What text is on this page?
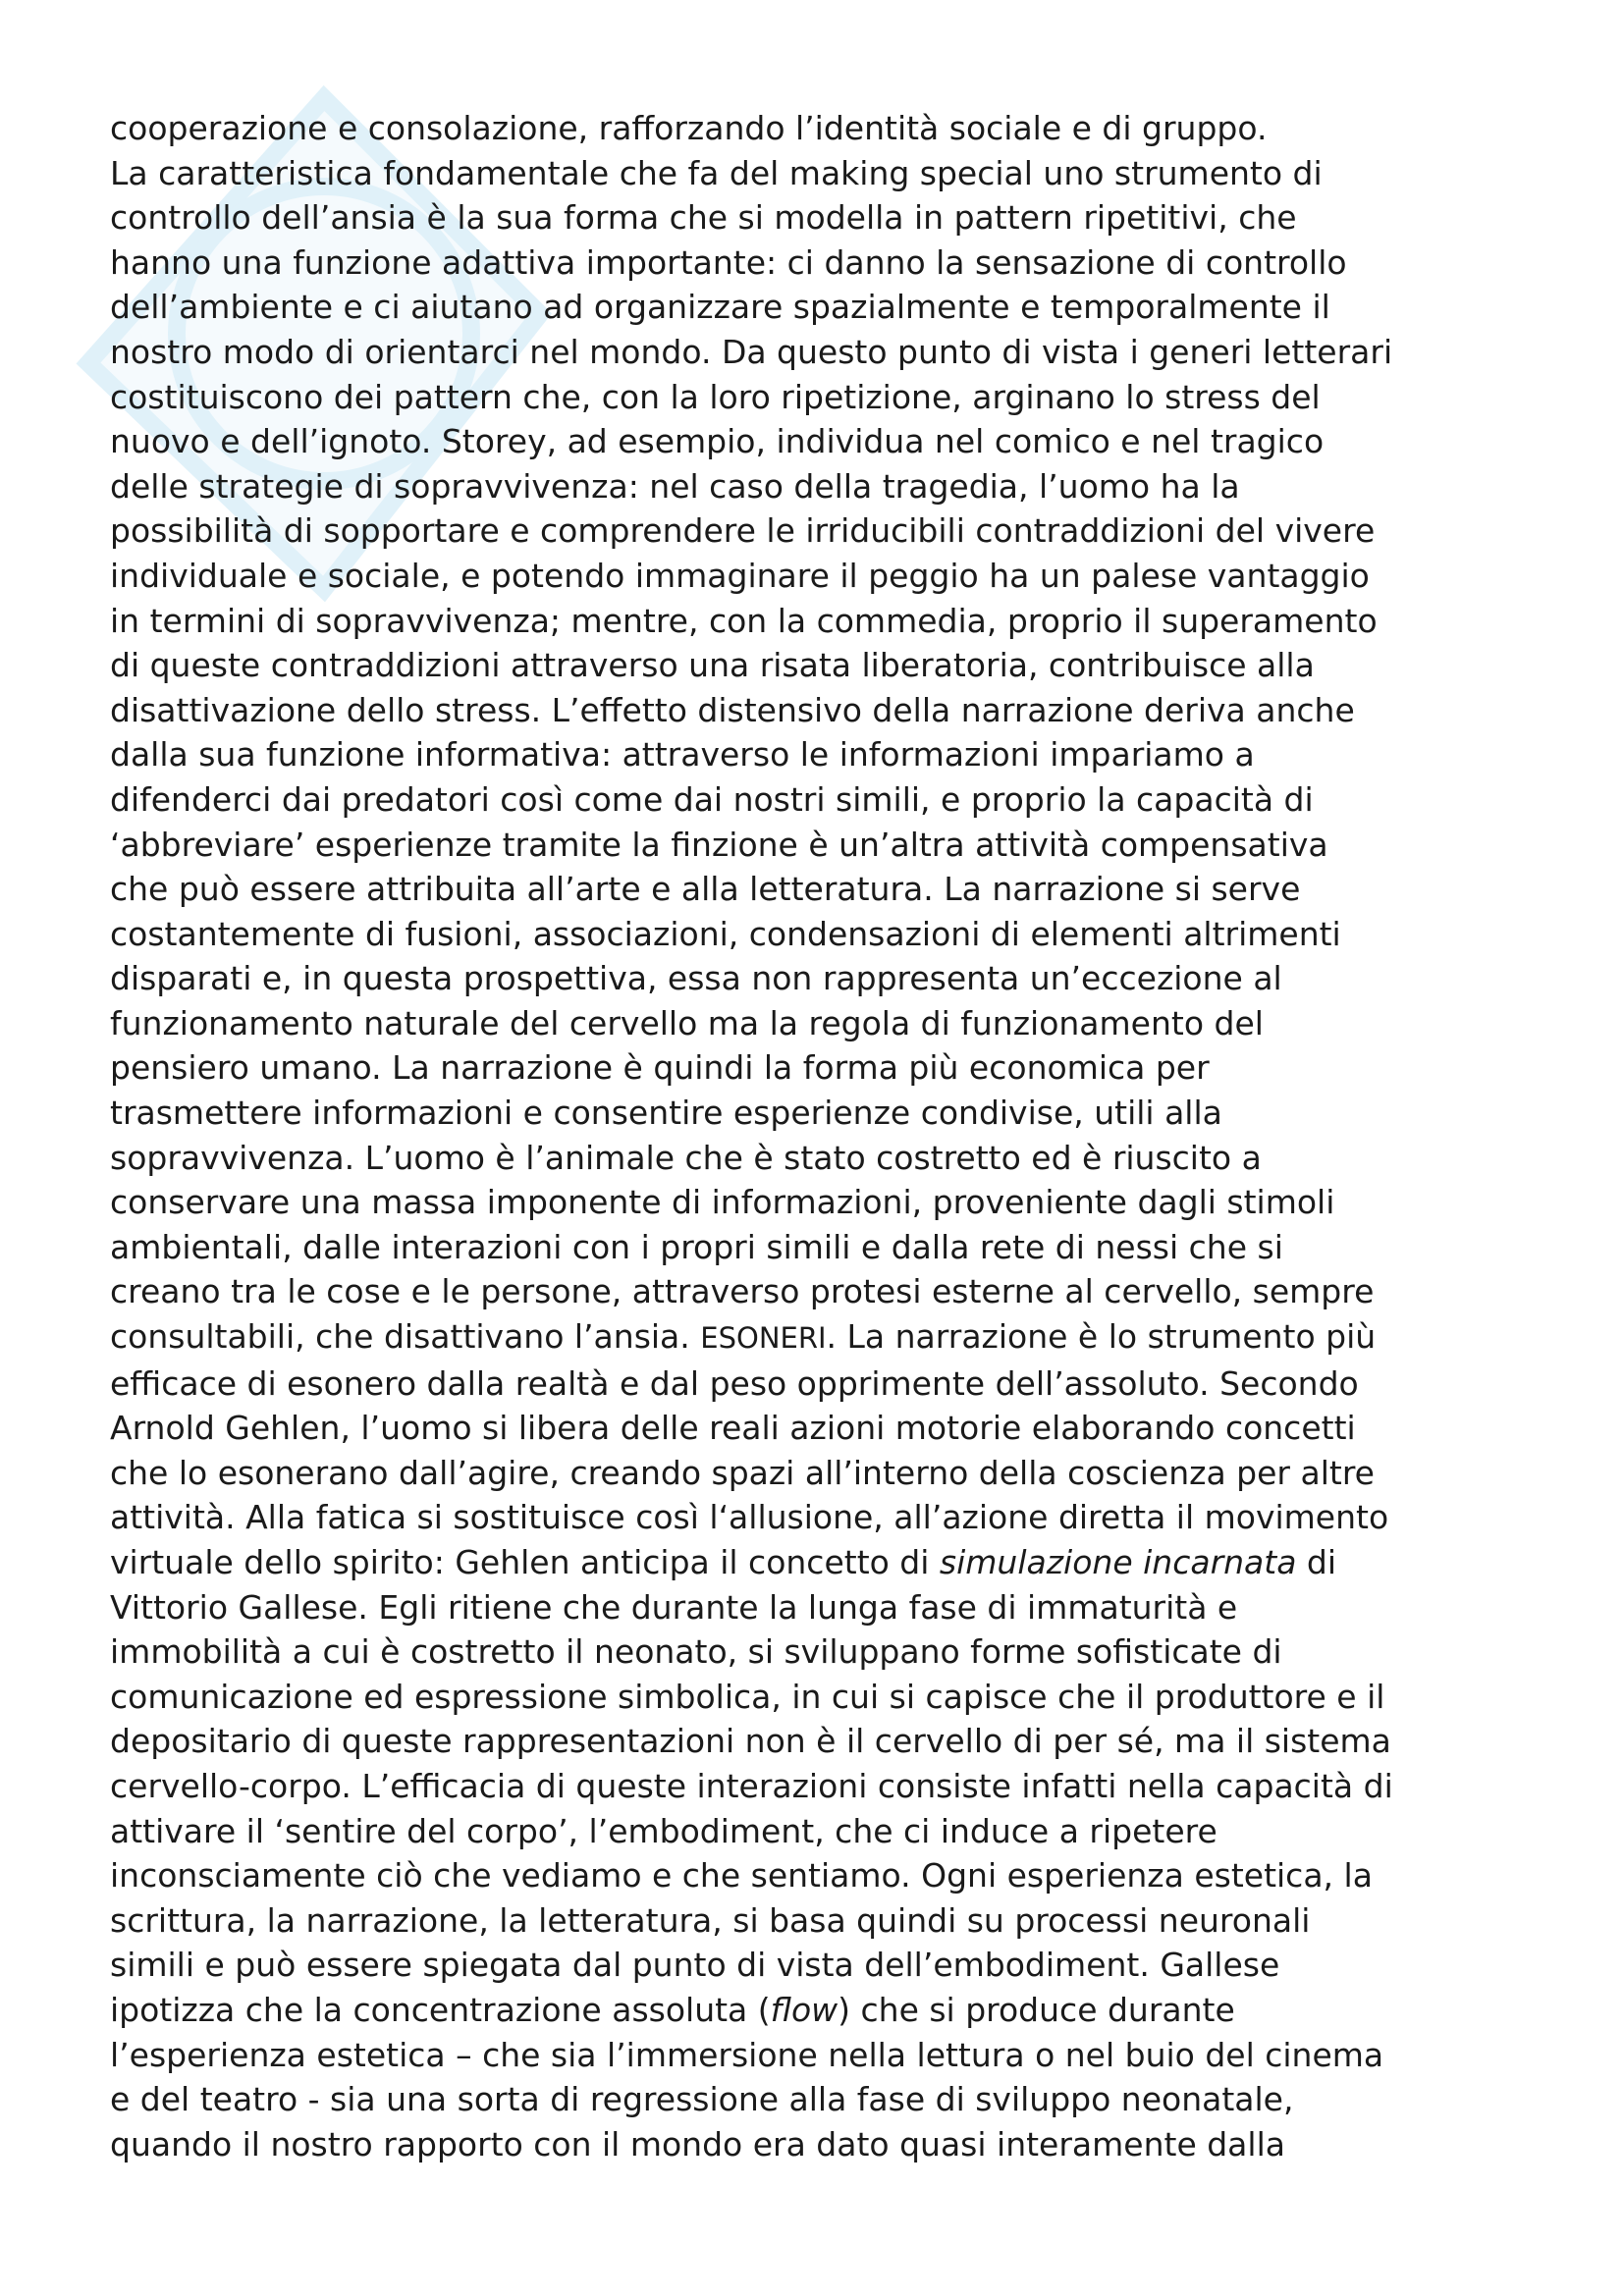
cooperazione e consolazione, rafforzando l’identità sociale e di gruppo.
La caratteristica fondamentale che fa del making special uno strumento di
controllo dell’ansia è la sua forma che si modella in pattern ripetitivi, che
hanno una funzione adattiva importante: ci danno la sensazione di controllo
dell’ambiente e ci aiutano ad organizzare spazialmente e temporalmente il
nostro modo di orientarci nel mondo. Da questo punto di vista i generi letterari
costituiscono dei pattern che, con la loro ripetizione, arginano lo stress del
nuovo e dell’ignoto. Storey, ad esempio, individua nel comico e nel tragico
delle strategie di sopravvivenza: nel caso della tragedia, l’uomo ha la
possibilità di sopportare e comprendere le irriducibili contraddizioni del vivere
individuale e sociale, e potendo immaginare il peggio ha un palese vantaggio
in termini di sopravvivenza; mentre, con la commedia, proprio il superamento
di queste contraddizioni attraverso una risata liberatoria, contribuisce alla
disattivazione dello stress. L’effetto distensivo della narrazione deriva anche
dalla sua funzione informativa: attraverso le informazioni impariamo a
difenderci dai predatori così come dai nostri simili, e proprio la capacità di
‘abbreviare’ esperienze tramite la finzione è un’altra attività compensativa
che può essere attribuita all’arte e alla letteratura. La narrazione si serve
costantemente di fusioni, associazioni, condensazioni di elementi altrimenti
disparati e, in questa prospettiva, essa non rappresenta un’eccezione al
funzionamento naturale del cervello ma la regola di funzionamento del
pensiero umano. La narrazione è quindi la forma più economica per
trasmettere informazioni e consentire esperienze condivise, utili alla
sopravvivenza. L’uomo è l’animale che è stato costretto ed è riuscito a
conservare una massa imponente di informazioni, proveniente dagli stimoli
ambientali, dalle interazioni con i propri simili e dalla rete di nessi che si
creano tra le cose e le persone, attraverso protesi esterne al cervello, sempre
consultabili, che disattivano l’ansia. ESONERI. La narrazione è lo strumento più
efficace di esonero dalla realtà e dal peso opprimente dell’assoluto. Secondo
Arnold Gehlen, l’uomo si libera delle reali azioni motorie elaborando concetti
che lo esonerano dall’agire, creando spazi all’interno della coscienza per altre
attività. Alla fatica si sostituisce così l‘allusione, all’azione diretta il movimento
virtuale dello spirito: Gehlen anticipa il concetto di simulazione incarnata di
Vittorio Gallese. Egli ritiene che durante la lunga fase di immaturità e
immobilità a cui è costretto il neonato, si sviluppano forme sofisticate di
comunicazione ed espressione simbolica, in cui si capisce che il produttore e il
depositario di queste rappresentazioni non è il cervello di per sé, ma il sistema
cervello-corpo. L’efficacia di queste interazioni consiste infatti nella capacità di
attivare il ‘sentire del corpo’, l’embodiment, che ci induce a ripetere
inconsciamente ciò che vediamo e che sentiamo. Ogni esperienza estetica, la
scrittura, la narrazione, la letteratura, si basa quindi su processi neuronali
simili e può essere spiegata dal punto di vista dell’embodiment. Gallese
ipotizza che la concentrazione assoluta (flow) che si produce durante
l’esperienza estetica – che sia l’immersione nella lettura o nel buio del cinema
e del teatro - sia una sorta di regressione alla fase di sviluppo neonatale,
quando il nostro rapporto con il mondo era dato quasi interamente dalla
